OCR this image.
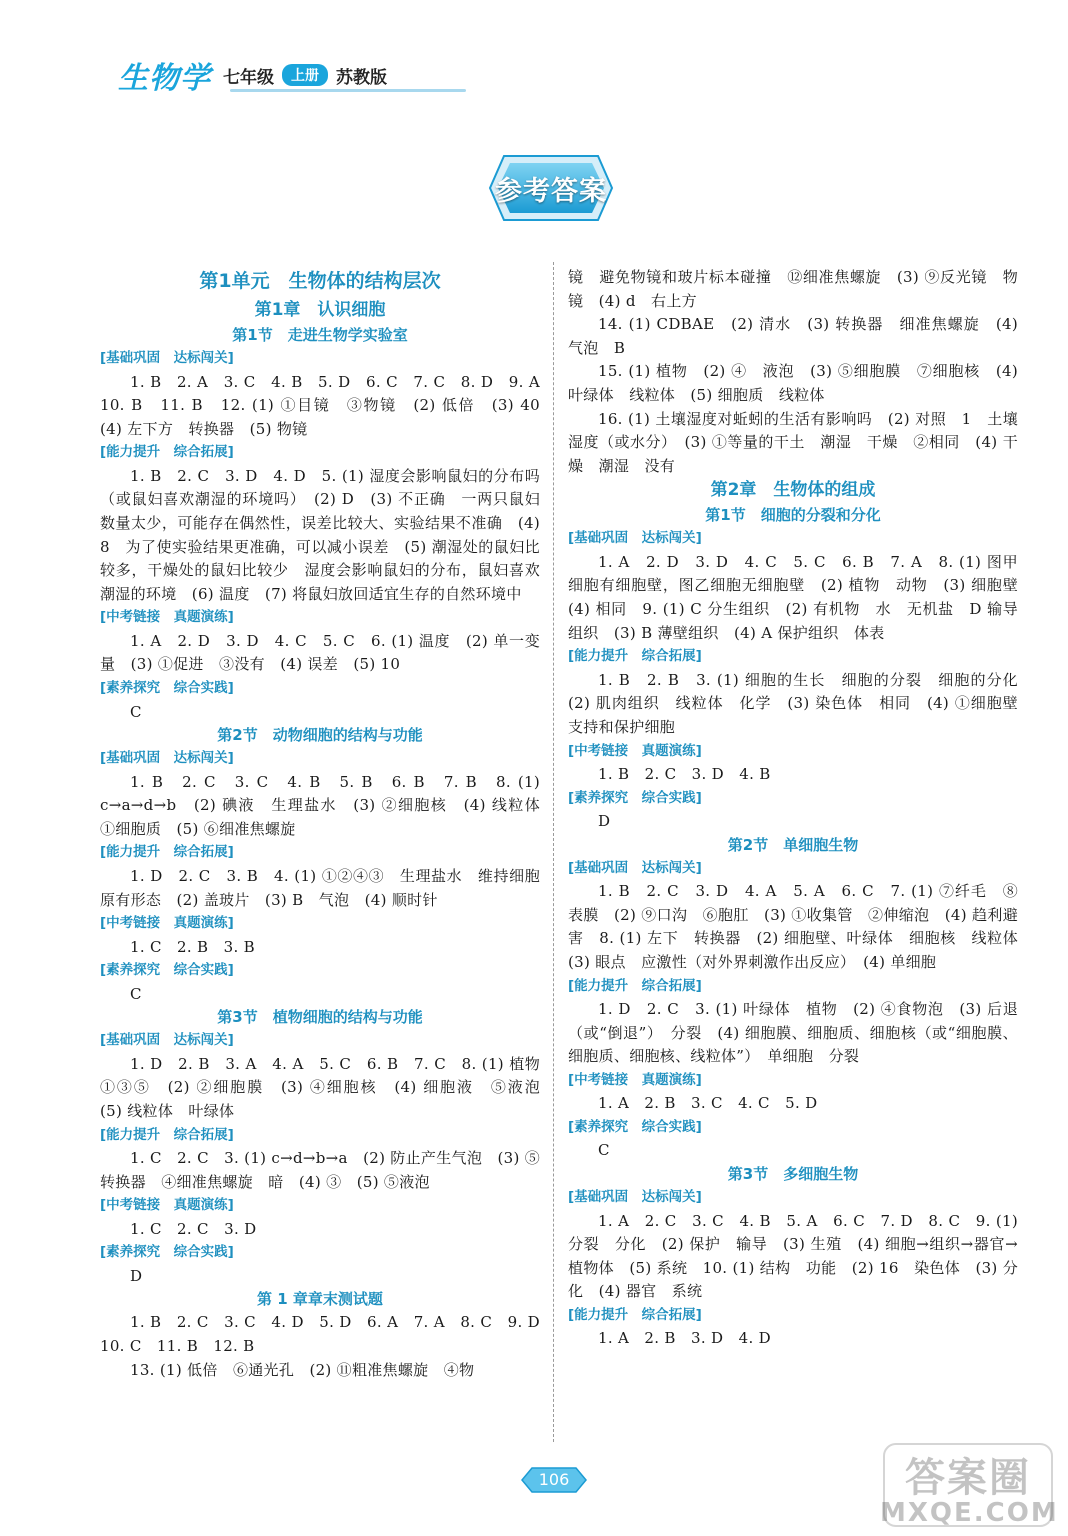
生物学 七年级	上册	苏教版
参考答案
第1单元　生物体的结构层次
第1章　认识细胞
第1节　走进生物学实验室
[基础巩固　达标闯关]
1. B　2. A　3. C　4. B　5. D　6. C　7. C　8. D　9. A　10. B　11. B　12. (1) ①目镜　③物镜　(2) 低倍　(3) 40　(4) 左下方　转换器　(5) 物镜
[能力提升　综合拓展]
1. B　2. C　3. D　4. D　5. (1) 湿度会影响鼠妇的分布吗（或鼠妇喜欢潮湿的环境吗）　(2) D　(3) 不正确　一两只鼠妇数量太少，可能存在偶然性，误差比较大、实验结果不准确　(4) 8　为了使实验结果更准确，可以减小误差　(5) 潮湿处的鼠妇比较多，干燥处的鼠妇比较少　湿度会影响鼠妇的分布，鼠妇喜欢潮湿的环境　(6) 温度　(7) 将鼠妇放回适宜生存的自然环境中
[中考链接　真题演练]
1. A　2. D　3. D　4. C　5. C　6. (1) 温度　(2) 单一变量　(3) ①促进　③没有　(4) 误差　(5) 10
[素养探究　综合实践]
C
第2节　动物细胞的结构与功能
[基础巩固　达标闯关]
1. B　2. C　3. C　4. B　5. B　6. B　7. B　8. (1) c→a→d→b　(2) 碘液　生理盐水　(3) ②细胞核　(4) 线粒体　①细胞质　(5) ⑥细准焦螺旋
[能力提升　综合拓展]
1. D　2. C　3. B　4. (1) ①②④③　生理盐水　维持细胞原有形态　(2) 盖玻片　(3) B　气泡　(4) 顺时针
[中考链接　真题演练]
1. C　2. B　3. B
[素养探究　综合实践]
C
第3节　植物细胞的结构与功能
[基础巩固　达标闯关]
1. D　2. B　3. A　4. A　5. C　6. B　7. C　8. (1) 植物　①③⑤　(2) ②细胞膜　(3) ④细胞核　(4) 细胞液　⑤液泡　(5) 线粒体　叶绿体
[能力提升　综合拓展]
1. C　2. C　3. (1) c→d→b→a　(2) 防止产生气泡　(3) ⑤转换器　④细准焦螺旋　暗　(4) ③　(5) ⑤液泡
[中考链接　真题演练]
1. C　2. C　3. D
[素养探究　综合实践]
D
第 1 章章末测试题
1. B　2. C　3. C　4. D　5. D　6. A　7. A　8. C　9. D　10. C　11. B　12. B
13. (1) 低倍　⑥通光孔　(2) ⑪粗准焦螺旋　④物
镜　避免物镜和玻片标本碰撞　⑫细准焦螺旋　(3) ⑨反光镜　物镜　(4) d　右上方
14. (1) CDBAE　(2) 清水　(3) 转换器　细准焦螺旋　(4) 气泡　B
15. (1) 植物　(2) ④　液泡　(3) ⑤细胞膜　⑦细胞核　(4) 叶绿体　线粒体　(5) 细胞质　线粒体
16. (1) 土壤湿度对蚯蚓的生活有影响吗　(2) 对照　1　土壤湿度（或水分）　(3) ①等量的干土　潮湿　干燥　②相同　(4) 干燥　潮湿　没有
第2章　生物体的组成
第1节　细胞的分裂和分化
[基础巩固　达标闯关]
1. A　2. D　3. D　4. C　5. C　6. B　7. A　8. (1) 图甲细胞有细胞壁，图乙细胞无细胞壁　(2) 植物　动物　(3) 细胞壁　(4) 相同　9. (1) C 分生组织　(2) 有机物　水　无机盐　D 输导组织　(3) B 薄壁组织　(4) A 保护组织　体表
[能力提升　综合拓展]
1. B　2. B　3. (1) 细胞的生长　细胞的分裂　细胞的分化　(2) 肌肉组织　线粒体　化学　(3) 染色体　相同　(4) ①细胞壁　支持和保护细胞
[中考链接　真题演练]
1. B　2. C　3. D　4. B
[素养探究　综合实践]
D
第2节　单细胞生物
[基础巩固　达标闯关]
1. B　2. C　3. D　4. A　5. A　6. C　7. (1) ⑦纤毛　⑧表膜　(2) ⑨口沟　⑥胞肛　(3) ①收集管　②伸缩泡　(4) 趋利避害　8. (1) 左下　转换器　(2) 细胞壁、叶绿体　细胞核　线粒体　(3) 眼点　应激性（对外界刺激作出反应）　(4) 单细胞
[能力提升　综合拓展]
1. D　2. C　3. (1) 叶绿体　植物　(2) ④食物泡　(3) 后退（或“倒退”）　分裂　(4) 细胞膜、细胞质、细胞核（或“细胞膜、细胞质、细胞核、线粒体”）　单细胞　分裂
[中考链接　真题演练]
1. A　2. B　3. C　4. C　5. D
[素养探究　综合实践]
C
第3节　多细胞生物
[基础巩固　达标闯关]
1. A　2. C　3. C　4. B　5. A　6. C　7. D　8. C　9. (1) 分裂　分化　(2) 保护　输导　(3) 生殖　(4) 细胞→组织→器官→植物体　(5) 系统　10. (1) 结构　功能　(2) 16　染色体　(3) 分化　(4) 器官　系统
[能力提升　综合拓展]
1. A　2. B　3. D　4. D
106	答案圈
MXQE.COM
